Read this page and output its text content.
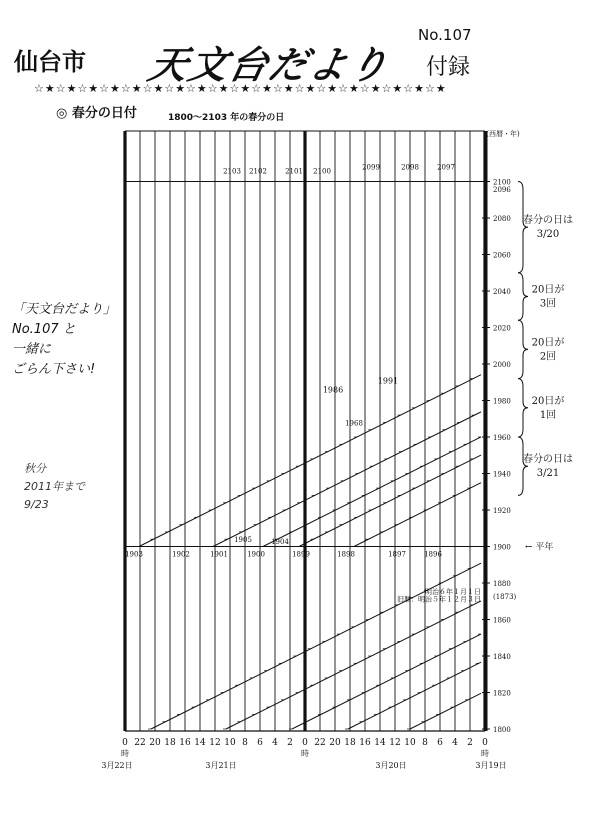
仙台市 天文台だより
No.107
付録
☆★☆★☆★☆★☆★☆★☆★☆★☆★☆★☆★☆★☆★☆★☆★☆★☆★☆★☆★
◎ 春分の日付	1800～2103 年の春分の日
「天文台だより」
No.107 と
一緒に
ごらん下さい!
秋分
2011年まで
9/23
0 22 20 18 16 14 12 10 8 6 4 2 0 22 20 18 16 14 12 10 8 6 4 2 0
時	時	時
3月22日	3月21日	3月20日	3月19日
(西暦・年)
1800
1820
1840
1860
1880
1900
1920
1940
1960
1980
2000
2020
2040
2060
2080
2100
2096
(1873)
← 平年
2103 2102	2101 2100	2099	2098	2097
1903	1902	1901	1900	1899	1898	1897	1896
1905	1904
1968
1986
1991
明治６年１月１日
旧暦：明治５年１２月３日
春分の日は
3/20
20日が
3回
20日が
2回
20日が
1回
春分の日は
3/21
